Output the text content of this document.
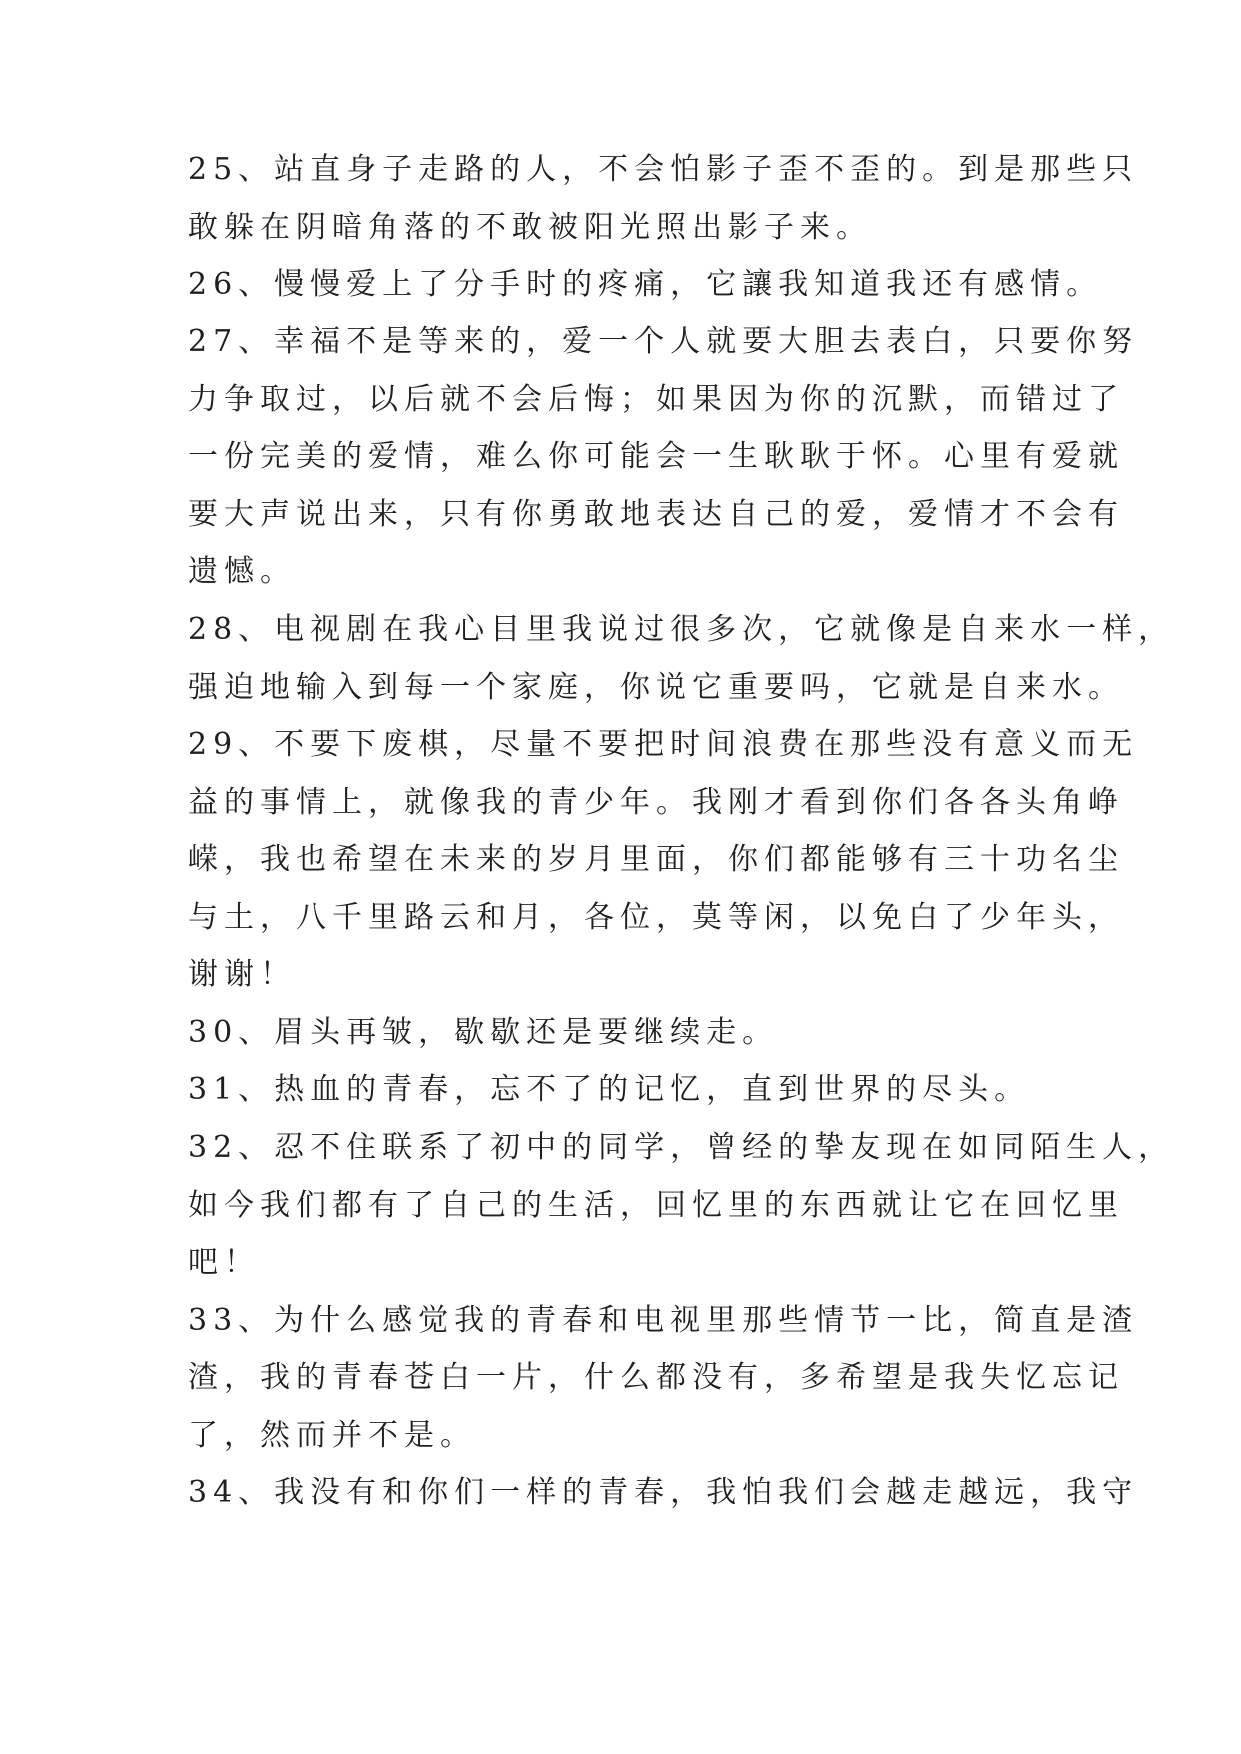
25、站直身子走路的人，不会怕影子歪不歪的。到是那些只

敢躲在阴暗角落的不敢被阳光照出影子来。

26、慢慢爱上了分手时的疼痛，它讓我知道我还有感情。

27、幸福不是等来的，爱一个人就要大胆去表白，只要你努

力争取过，以后就不会后悔；如果因为你的沉默，而错过了

一份完美的爱情，难么你可能会一生耿耿于怀。心里有爱就

要大声说出来，只有你勇敢地表达自己的爱，爱情才不会有

遗憾。

28、电视剧在我心目里我说过很多次，它就像是自来水一样，

强迫地输入到每一个家庭，你说它重要吗，它就是自来水。

29、不要下废棋，尽量不要把时间浪费在那些没有意义而无

益的事情上，就像我的青少年。我刚才看到你们各各头角峥

嵘，我也希望在未来的岁月里面，你们都能够有三十功名尘

与土，八千里路云和月，各位，莫等闲，以免白了少年头，

谢谢！

30、眉头再皱，歇歇还是要继续走。

31、热血的青春，忘不了的记忆，直到世界的尽头。

32、忍不住联系了初中的同学，曾经的挚友现在如同陌生人，

如今我们都有了自己的生活，回忆里的东西就让它在回忆里

吧！

33、为什么感觉我的青春和电视里那些情节一比，简直是渣

渣，我的青春苍白一片，什么都没有，多希望是我失忆忘记

了，然而并不是。

34、我没有和你们一样的青春，我怕我们会越走越远，我守
